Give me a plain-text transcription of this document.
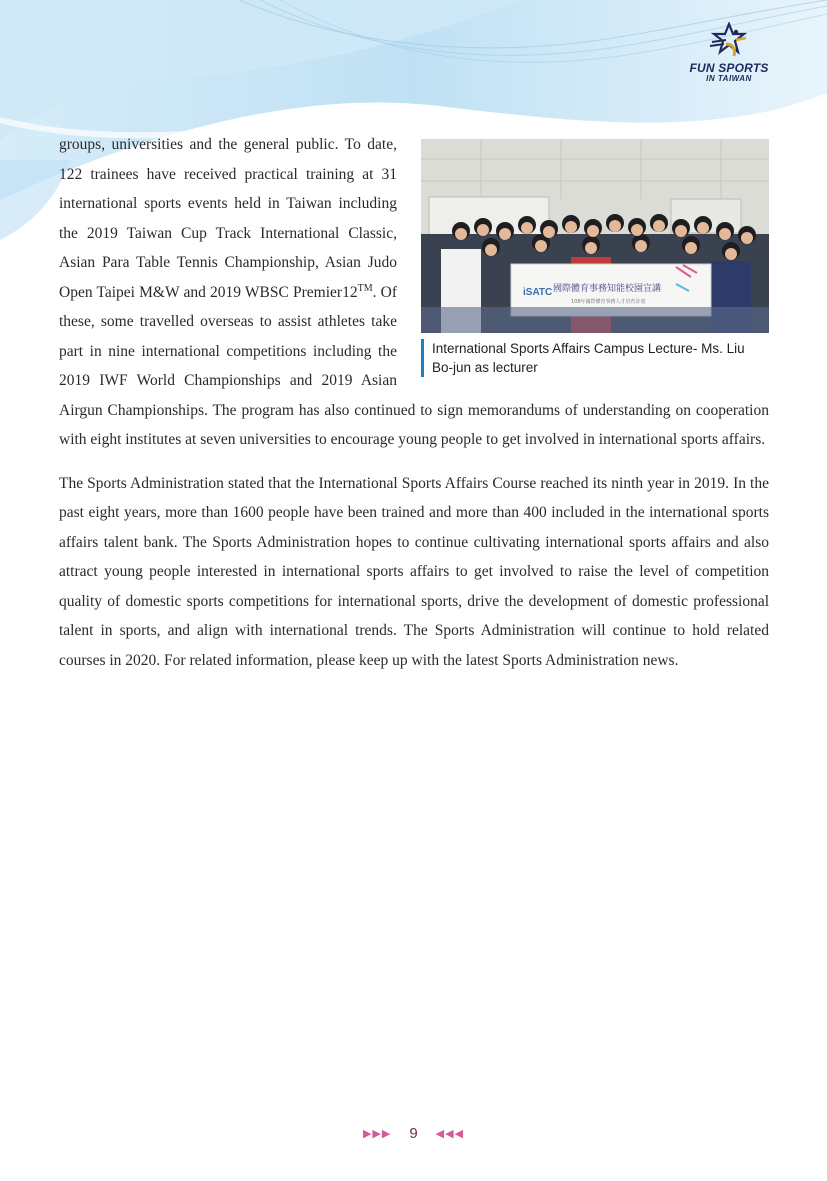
FUN SPORTS
IN TAIWAN
iSATC 國際體育事務知能校園宣講
108年國際體育事務人才培育計畫
International Sports Affairs Campus Lecture- Ms. Liu Bo-jun as lecturer

groups, universities and the general public. To date, 122 trainees have received practical training at 31 international sports events held in Taiwan including the 2019 Taiwan Cup Track International Classic, Asian Para Table Tennis Championship, Asian Judo Open Taipei M&W and 2019 WBSC Premier12™. Of these, some travelled overseas to assist athletes take part in nine international competitions including the 2019 IWF World Championships and 2019 Asian Airgun Championships. The program has also continued to sign memorandums of understanding on cooperation with eight institutes at seven universities to encourage young people to get involved in international sports affairs.

The Sports Administration stated that the International Sports Affairs Course reached its ninth year in 2019. In the past eight years, more than 1600 people have been trained and more than 400 included in the international sports affairs talent bank. The Sports Administration hopes to continue cultivating international sports affairs and also attract young people interested in international sports affairs to get involved to raise the level of competition quality of domestic sports competitions for international sports, drive the development of domestic professional talent in sports, and align with international trends. The Sports Administration will continue to hold related courses in 2020. For related information, please keep up with the latest Sports Administration news.

▶▶▶ 9 ◀◀◀
